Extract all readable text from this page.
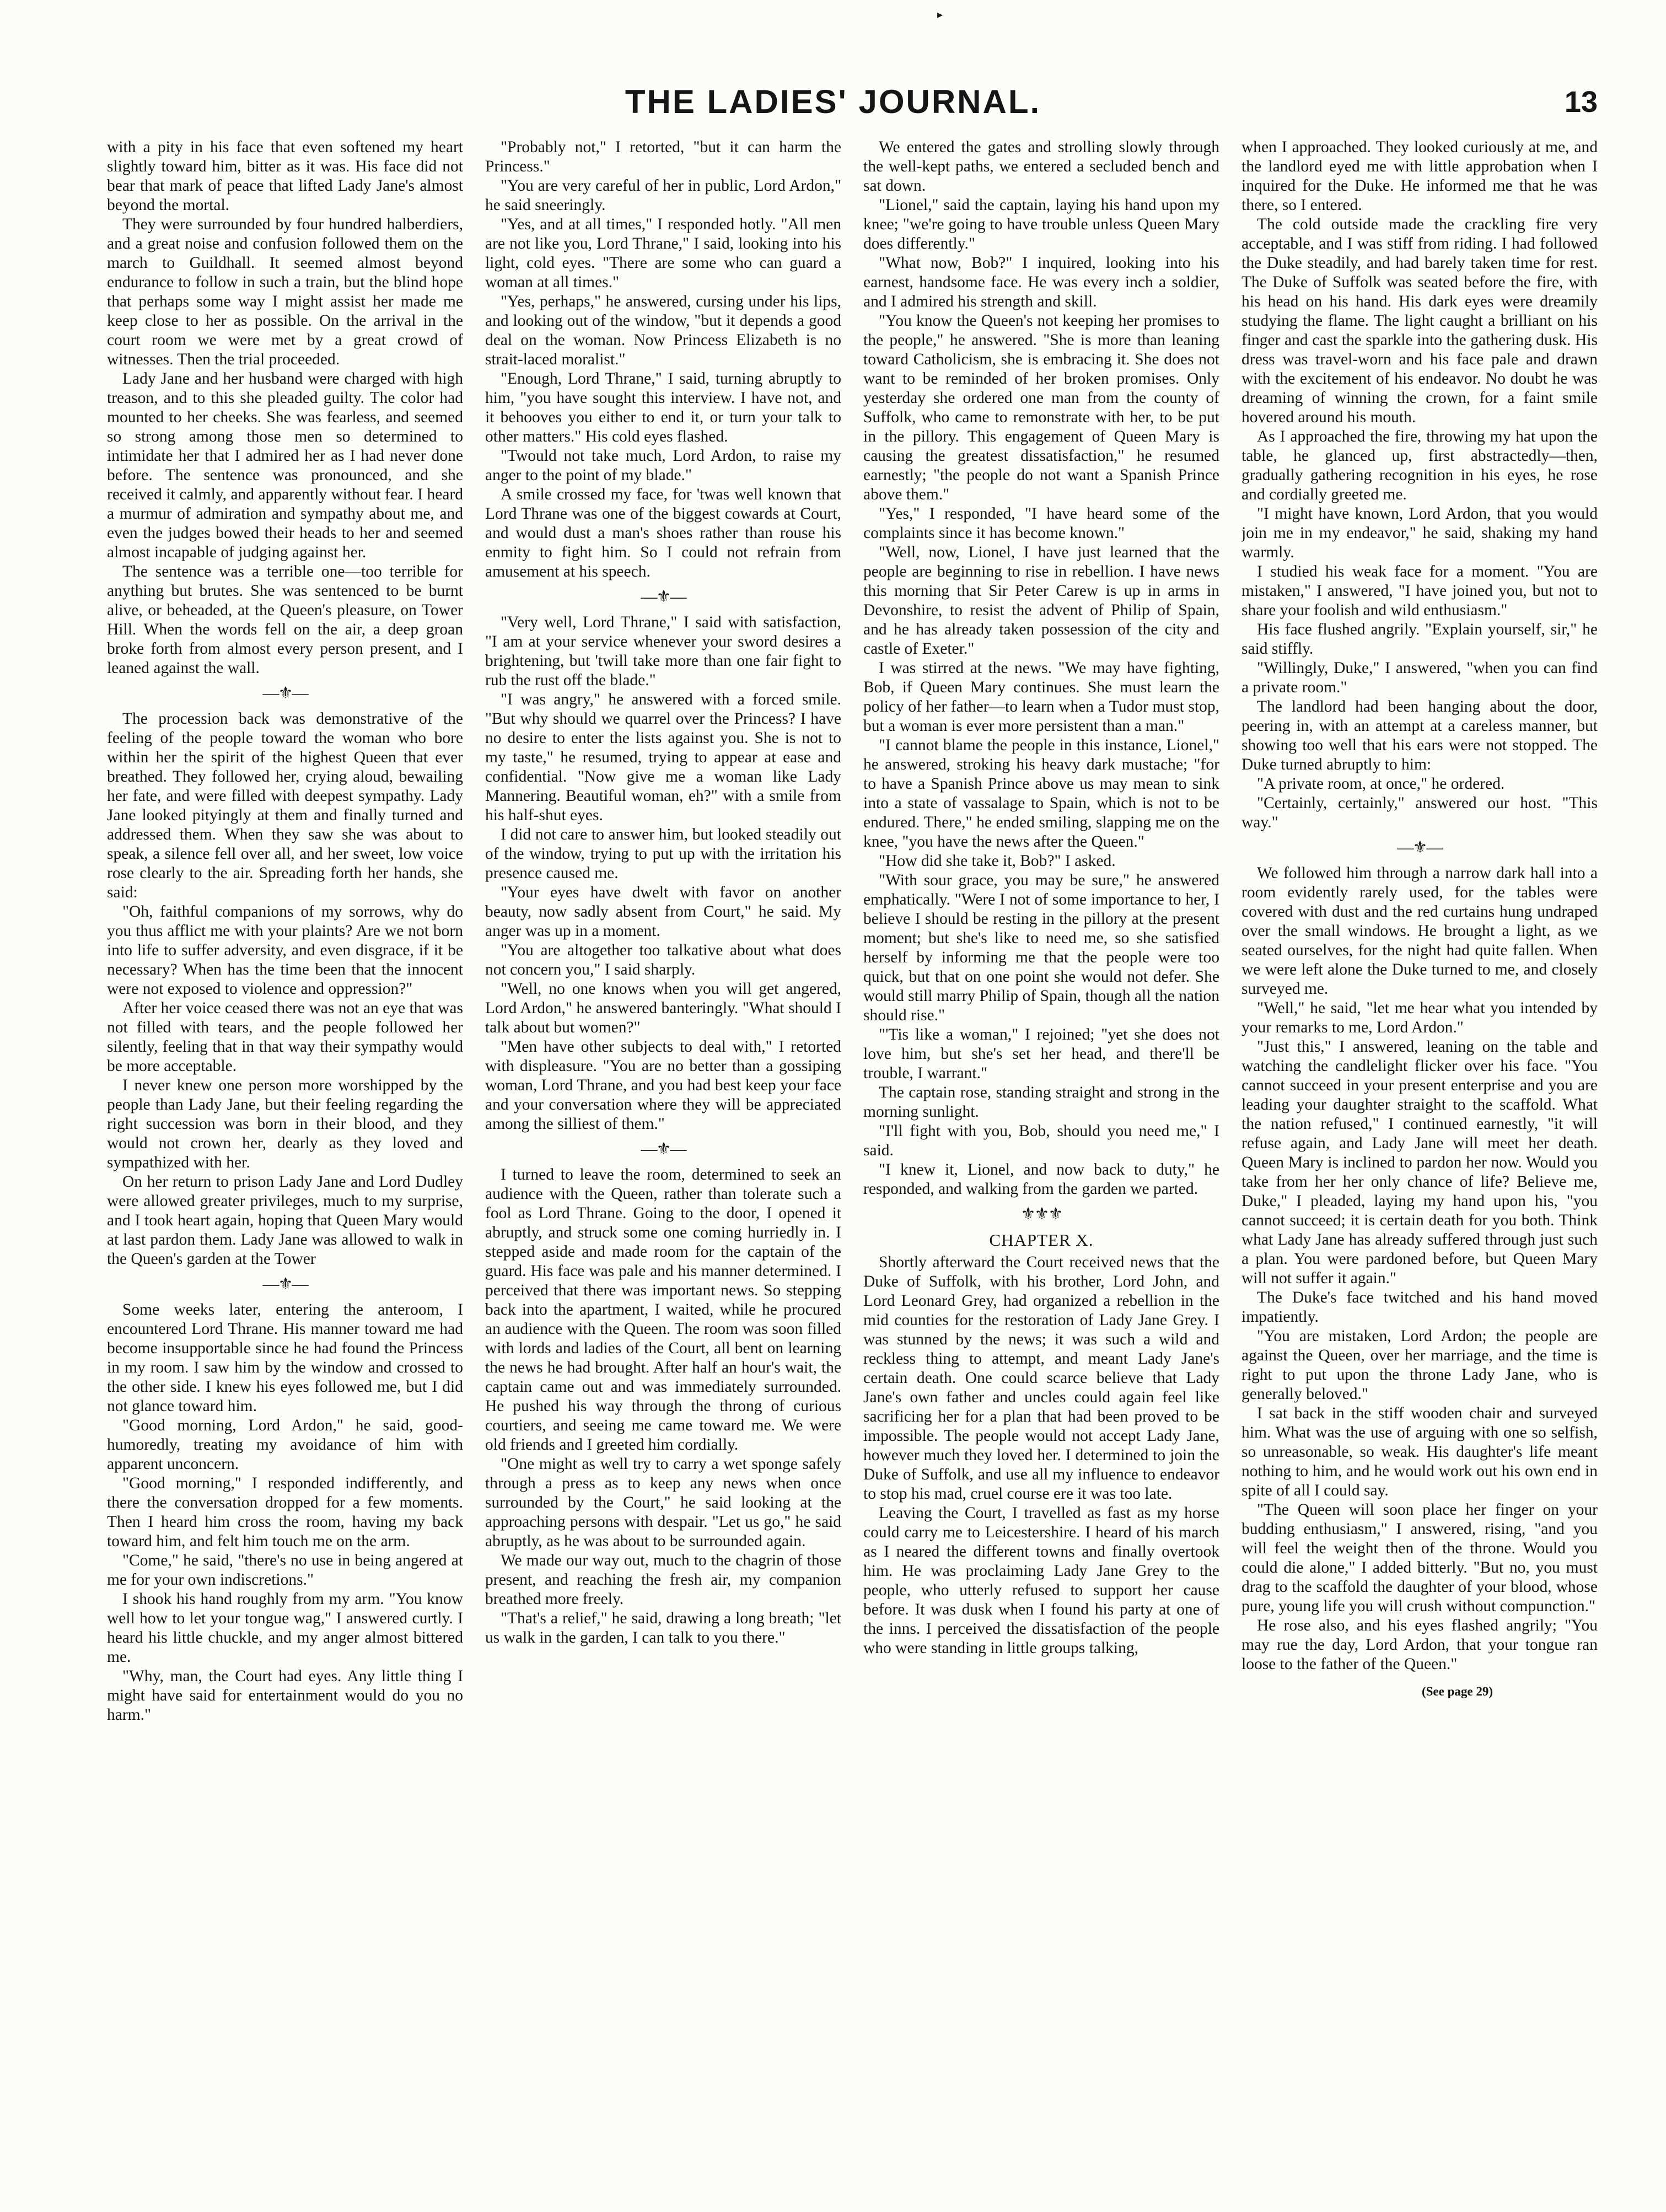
▸
THE LADIES' JOURNAL.	13

with a pity in his face that even softened my heart slightly toward him, bitter as it was. His face did not bear that mark of peace that lifted Lady Jane's almost beyond the mortal.

They were surrounded by four hundred halberdiers, and a great noise and confusion followed them on the march to Guildhall. It seemed almost beyond endurance to follow in such a train, but the blind hope that perhaps some way I might assist her made me keep close to her as possible. On the arrival in the court room we were met by a great crowd of witnesses. Then the trial proceeded.

Lady Jane and her husband were charged with high treason, and to this she pleaded guilty. The color had mounted to her cheeks. She was fearless, and seemed so strong among those men so determined to intimidate her that I admired her as I had never done before. The sentence was pronounced, and she received it calmly, and apparently without fear. I heard a murmur of admiration and sympathy about me, and even the judges bowed their heads to her and seemed almost incapable of judging against her.

The sentence was a terrible one—too terrible for anything but brutes. She was sentenced to be burnt alive, or beheaded, at the Queen's pleasure, on Tower Hill. When the words fell on the air, a deep groan broke forth from almost every person present, and I leaned against the wall.

—⚜—

The procession back was demonstrative of the feeling of the people toward the woman who bore within her the spirit of the highest Queen that ever breathed. They followed her, crying aloud, bewailing her fate, and were filled with deepest sympathy. Lady Jane looked pityingly at them and finally turned and addressed them. When they saw she was about to speak, a silence fell over all, and her sweet, low voice rose clearly to the air. Spreading forth her hands, she said:

"Oh, faithful companions of my sorrows, why do you thus afflict me with your plaints? Are we not born into life to suffer adversity, and even disgrace, if it be necessary? When has the time been that the innocent were not exposed to violence and oppression?"

After her voice ceased there was not an eye that was not filled with tears, and the people followed her silently, feeling that in that way their sympathy would be more acceptable.

I never knew one person more worshipped by the people than Lady Jane, but their feeling regarding the right succession was born in their blood, and they would not crown her, dearly as they loved and sympathized with her.

On her return to prison Lady Jane and Lord Dudley were allowed greater privileges, much to my surprise, and I took heart again, hoping that Queen Mary would at last pardon them. Lady Jane was allowed to walk in the Queen's garden at the Tower

—⚜—

Some weeks later, entering the anteroom, I encountered Lord Thrane. His manner toward me had become insupportable since he had found the Princess in my room. I saw him by the window and crossed to the other side. I knew his eyes followed me, but I did not glance toward him.

"Good morning, Lord Ardon," he said, good-humoredly, treating my avoidance of him with apparent unconcern.

"Good morning," I responded indifferently, and there the conversation dropped for a few moments. Then I heard him cross the room, having my back toward him, and felt him touch me on the arm.

"Come," he said, "there's no use in being angered at me for your own indiscretions."

I shook his hand roughly from my arm. "You know well how to let your tongue wag," I answered curtly. I heard his little chuckle, and my anger almost bittered me.

"Why, man, the Court had eyes. Any little thing I might have said for entertainment would do you no harm."

"Probably not," I retorted, "but it can harm the Princess."

"You are very careful of her in public, Lord Ardon," he said sneeringly.

"Yes, and at all times," I responded hotly. "All men are not like you, Lord Thrane," I said, looking into his light, cold eyes. "There are some who can guard a woman at all times."

"Yes, perhaps," he answered, cursing under his lips, and looking out of the window, "but it depends a good deal on the woman. Now Princess Elizabeth is no strait-laced moralist."

"Enough, Lord Thrane," I said, turning abruptly to him, "you have sought this interview. I have not, and it behooves you either to end it, or turn your talk to other matters." His cold eyes flashed.

"Twould not take much, Lord Ardon, to raise my anger to the point of my blade."

A smile crossed my face, for 'twas well known that Lord Thrane was one of the biggest cowards at Court, and would dust a man's shoes rather than rouse his enmity to fight him. So I could not refrain from amusement at his speech.

—⚜—

"Very well, Lord Thrane," I said with satisfaction, "I am at your service whenever your sword desires a brightening, but 'twill take more than one fair fight to rub the rust off the blade."

"I was angry," he answered with a forced smile. "But why should we quarrel over the Princess? I have no desire to enter the lists against you. She is not to my taste," he resumed, trying to appear at ease and confidential. "Now give me a woman like Lady Mannering. Beautiful woman, eh?" with a smile from his half-shut eyes.

I did not care to answer him, but looked steadily out of the window, trying to put up with the irritation his presence caused me.

"Your eyes have dwelt with favor on another beauty, now sadly absent from Court," he said. My anger was up in a moment.

"You are altogether too talkative about what does not concern you," I said sharply.

"Well, no one knows when you will get angered, Lord Ardon," he answered banteringly. "What should I talk about but women?"

"Men have other subjects to deal with," I retorted with displeasure. "You are no better than a gossiping woman, Lord Thrane, and you had best keep your face and your conversation where they will be appreciated among the silliest of them."

—⚜—

I turned to leave the room, determined to seek an audience with the Queen, rather than tolerate such a fool as Lord Thrane. Going to the door, I opened it abruptly, and struck some one coming hurriedly in. I stepped aside and made room for the captain of the guard. His face was pale and his manner determined. I perceived that there was important news. So stepping back into the apartment, I waited, while he procured an audience with the Queen. The room was soon filled with lords and ladies of the Court, all bent on learning the news he had brought. After half an hour's wait, the captain came out and was immediately surrounded. He pushed his way through the throng of curious courtiers, and seeing me came toward me. We were old friends and I greeted him cordially.

"One might as well try to carry a wet sponge safely through a press as to keep any news when once surrounded by the Court," he said looking at the approaching persons with despair. "Let us go," he said abruptly, as he was about to be surrounded again.

We made our way out, much to the chagrin of those present, and reaching the fresh air, my companion breathed more freely.

"That's a relief," he said, drawing a long breath; "let us walk in the garden, I can talk to you there."

We entered the gates and strolling slowly through the well-kept paths, we entered a secluded bench and sat down.

"Lionel," said the captain, laying his hand upon my knee; "we're going to have trouble unless Queen Mary does differently."

"What now, Bob?" I inquired, looking into his earnest, handsome face. He was every inch a soldier, and I admired his strength and skill.

"You know the Queen's not keeping her promises to the people," he answered. "She is more than leaning toward Catholicism, she is embracing it. She does not want to be reminded of her broken promises. Only yesterday she ordered one man from the county of Suffolk, who came to remonstrate with her, to be put in the pillory. This engagement of Queen Mary is causing the greatest dissatisfaction," he resumed earnestly; "the people do not want a Spanish Prince above them."

"Yes," I responded, "I have heard some of the complaints since it has become known."

"Well, now, Lionel, I have just learned that the people are beginning to rise in rebellion. I have news this morning that Sir Peter Carew is up in arms in Devonshire, to resist the advent of Philip of Spain, and he has already taken possession of the city and castle of Exeter."

I was stirred at the news. "We may have fighting, Bob, if Queen Mary continues. She must learn the policy of her father—to learn when a Tudor must stop, but a woman is ever more persistent than a man."

"I cannot blame the people in this instance, Lionel," he answered, stroking his heavy dark mustache; "for to have a Spanish Prince above us may mean to sink into a state of vassalage to Spain, which is not to be endured. There," he ended smiling, slapping me on the knee, "you have the news after the Queen."

"How did she take it, Bob?" I asked.

"With sour grace, you may be sure," he answered emphatically. "Were I not of some importance to her, I believe I should be resting in the pillory at the present moment; but she's like to need me, so she satisfied herself by informing me that the people were too quick, but that on one point she would not defer. She would still marry Philip of Spain, though all the nation should rise."

"'Tis like a woman," I rejoined; "yet she does not love him, but she's set her head, and there'll be trouble, I warrant."

The captain rose, standing straight and strong in the morning sunlight.

"I'll fight with you, Bob, should you need me," I said.

"I knew it, Lionel, and now back to duty," he responded, and walking from the garden we parted.

⚜⚜⚜
CHAPTER X.

Shortly afterward the Court received news that the Duke of Suffolk, with his brother, Lord John, and Lord Leonard Grey, had organized a rebellion in the mid counties for the restoration of Lady Jane Grey. I was stunned by the news; it was such a wild and reckless thing to attempt, and meant Lady Jane's certain death. One could scarce believe that Lady Jane's own father and uncles could again feel like sacrificing her for a plan that had been proved to be impossible. The people would not accept Lady Jane, however much they loved her. I determined to join the Duke of Suffolk, and use all my influence to endeavor to stop his mad, cruel course ere it was too late.

Leaving the Court, I travelled as fast as my horse could carry me to Leicestershire. I heard of his march as I neared the different towns and finally overtook him. He was proclaiming Lady Jane Grey to the people, who utterly refused to support her cause before. It was dusk when I found his party at one of the inns. I perceived the dissatisfaction of the people who were standing in little groups talking,

when I approached. They looked curiously at me, and the landlord eyed me with little approbation when I inquired for the Duke. He informed me that he was there, so I entered.

The cold outside made the crackling fire very acceptable, and I was stiff from riding. I had followed the Duke steadily, and had barely taken time for rest. The Duke of Suffolk was seated before the fire, with his head on his hand. His dark eyes were dreamily studying the flame. The light caught a brilliant on his finger and cast the sparkle into the gathering dusk. His dress was travel-worn and his face pale and drawn with the excitement of his endeavor. No doubt he was dreaming of winning the crown, for a faint smile hovered around his mouth.

As I approached the fire, throwing my hat upon the table, he glanced up, first abstractedly—then, gradually gathering recognition in his eyes, he rose and cordially greeted me.

"I might have known, Lord Ardon, that you would join me in my endeavor," he said, shaking my hand warmly.

I studied his weak face for a moment. "You are mistaken," I answered, "I have joined you, but not to share your foolish and wild enthusiasm."

His face flushed angrily. "Explain yourself, sir," he said stiffly.

"Willingly, Duke," I answered, "when you can find a private room."

The landlord had been hanging about the door, peering in, with an attempt at a careless manner, but showing too well that his ears were not stopped. The Duke turned abruptly to him:

"A private room, at once," he ordered.

"Certainly, certainly," answered our host. "This way."

—⚜—

We followed him through a narrow dark hall into a room evidently rarely used, for the tables were covered with dust and the red curtains hung undraped over the small windows. He brought a light, as we seated ourselves, for the night had quite fallen. When we were left alone the Duke turned to me, and closely surveyed me.

"Well," he said, "let me hear what you intended by your remarks to me, Lord Ardon."

"Just this," I answered, leaning on the table and watching the candlelight flicker over his face. "You cannot succeed in your present enterprise and you are leading your daughter straight to the scaffold. What the nation refused," I continued earnestly, "it will refuse again, and Lady Jane will meet her death. Queen Mary is inclined to pardon her now. Would you take from her her only chance of life? Believe me, Duke," I pleaded, laying my hand upon his, "you cannot succeed; it is certain death for you both. Think what Lady Jane has already suffered through just such a plan. You were pardoned before, but Queen Mary will not suffer it again."

The Duke's face twitched and his hand moved impatiently.

"You are mistaken, Lord Ardon; the people are against the Queen, over her marriage, and the time is right to put upon the throne Lady Jane, who is generally beloved."

I sat back in the stiff wooden chair and surveyed him. What was the use of arguing with one so selfish, so unreasonable, so weak. His daughter's life meant nothing to him, and he would work out his own end in spite of all I could say.

"The Queen will soon place her finger on your budding enthusiasm," I answered, rising, "and you will feel the weight then of the throne. Would you could die alone," I added bitterly. "But no, you must drag to the scaffold the daughter of your blood, whose pure, young life you will crush without compunction."

He rose also, and his eyes flashed angrily; "You may rue the day, Lord Ardon, that your tongue ran loose to the father of the Queen."

(See page 29)
